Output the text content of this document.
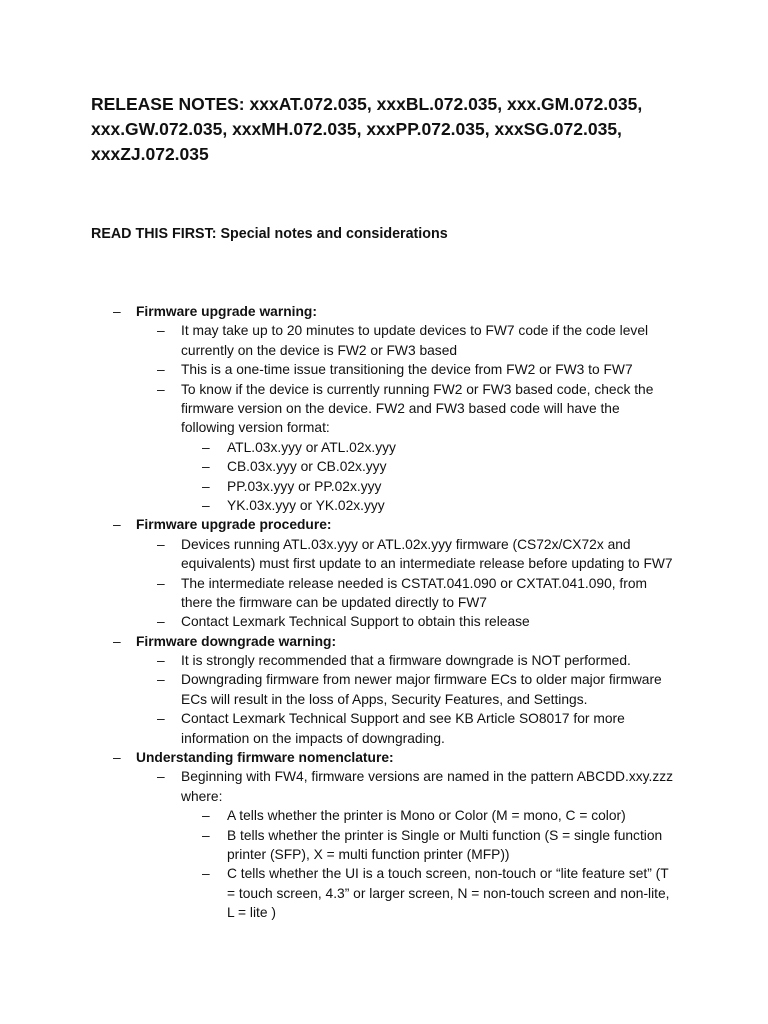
RELEASE NOTES: xxxAT.072.035, xxxBL.072.035, xxx.GM.072.035,
xxx.GW.072.035, xxxMH.072.035, xxxPP.072.035, xxxSG.072.035,
xxxZJ.072.035
READ THIS FIRST: Special notes and considerations
– Firmware upgrade warning:
– It may take up to 20 minutes to update devices to FW7 code if the code level
currently on the device is FW2 or FW3 based
– This is a one-time issue transitioning the device from FW2 or FW3 to FW7
– To know if the device is currently running FW2 or FW3 based code, check the
firmware version on the device. FW2 and FW3 based code will have the
following version format:
– ATL.03x.yyy or ATL.02x.yyy
– CB.03x.yyy or CB.02x.yyy
– PP.03x.yyy or PP.02x.yyy
– YK.03x.yyy or YK.02x.yyy
– Firmware upgrade procedure:
– Devices running ATL.03x.yyy or ATL.02x.yyy firmware (CS72x/CX72x and
equivalents) must first update to an intermediate release before updating to FW7
– The intermediate release needed is CSTAT.041.090 or CXTAT.041.090, from
there the firmware can be updated directly to FW7
– Contact Lexmark Technical Support to obtain this release
– Firmware downgrade warning:
– It is strongly recommended that a firmware downgrade is NOT performed.
– Downgrading firmware from newer major firmware ECs to older major firmware
ECs will result in the loss of Apps, Security Features, and Settings.
– Contact Lexmark Technical Support and see KB Article SO8017 for more
information on the impacts of downgrading.
– Understanding firmware nomenclature:
– Beginning with FW4, firmware versions are named in the pattern ABCDD.xxy.zzz
where:
– A tells whether the printer is Mono or Color (M = mono, C = color)
– B tells whether the printer is Single or Multi function (S = single function
printer (SFP), X = multi function printer (MFP))
– C tells whether the UI is a touch screen, non-touch or “lite feature set” (T
= touch screen, 4.3” or larger screen, N = non-touch screen and non-lite,
L = lite )
